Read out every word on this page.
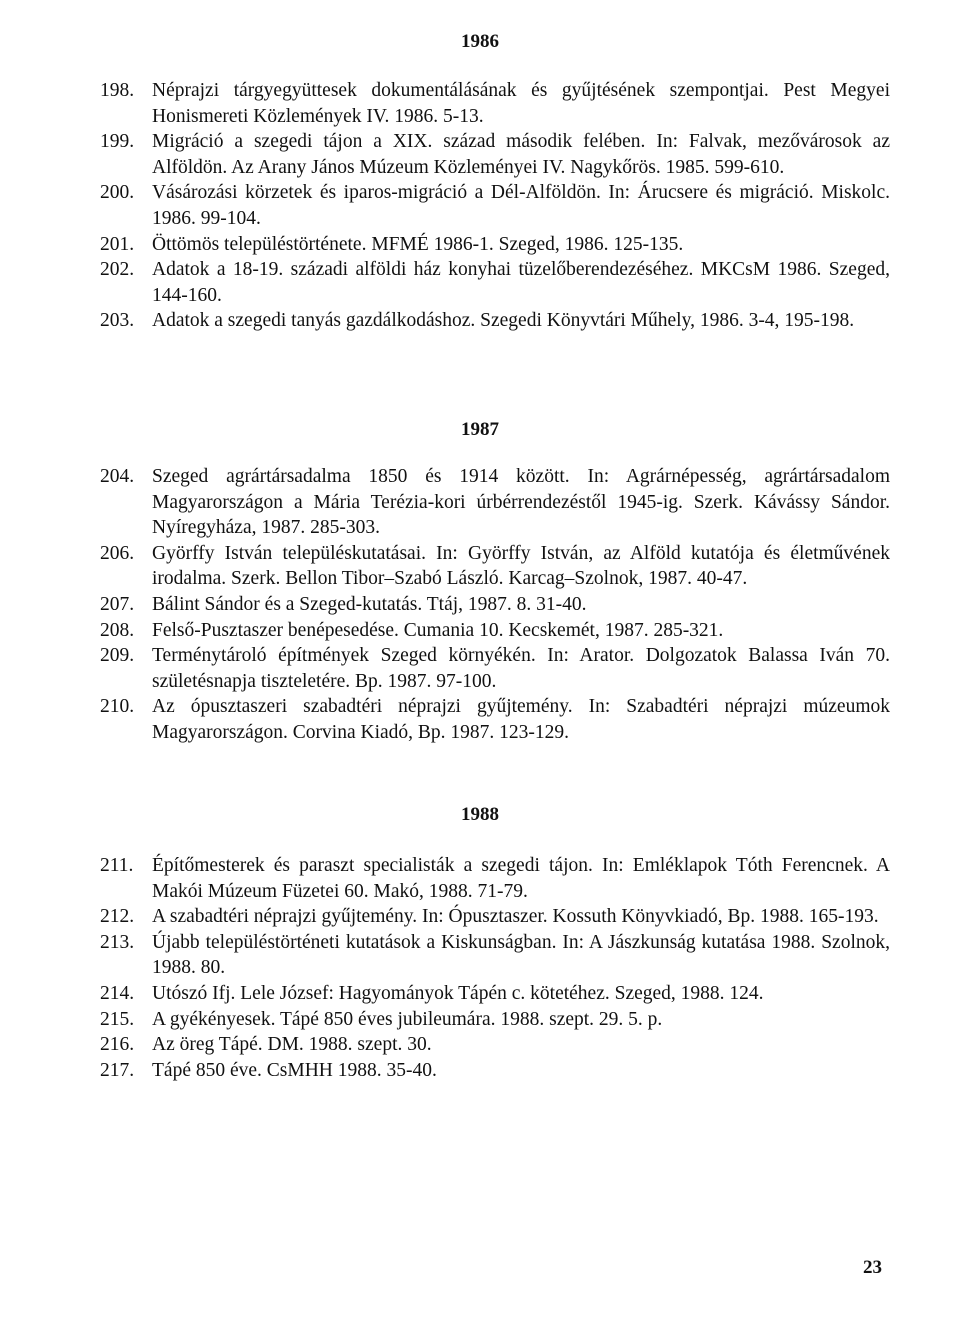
1986
198. Néprajzi tárgyegyüttesek dokumentálásának és gyűjtésének szempontjai. Pest Megyei Honismereti Közlemények IV. 1986. 5-13.
199. Migráció a szegedi tájon a XIX. század második felében. In: Falvak, mezővárosok az Alföldön. Az Arany János Múzeum Közleményei IV. Nagykőrös. 1985. 599-610.
200. Vásározási körzetek és iparos-migráció a Dél-Alföldön. In: Árucsere és migráció. Miskolc. 1986. 99-104.
201. Öttömös településtörténete. MFMÉ 1986-1. Szeged, 1986. 125-135.
202. Adatok a 18-19. századi alföldi ház konyhai tüzelőberendezéséhez. MKCsM 1986. Szeged, 144-160.
203. Adatok a szegedi tanyás gazdálkodáshoz. Szegedi Könyvtári Műhely, 1986. 3-4, 195-198.
1987
204. Szeged agrártársadalma 1850 és 1914 között. In: Agrárnépesség, agrártársadalom Magyarországon a Mária Terézia-kori úrbérrendezéstől 1945-ig. Szerk. Kávássy Sándor. Nyíregyháza, 1987. 285-303.
206. Györffy István településkutatásai. In: Györffy István, az Alföld kutatója és életművének irodalma. Szerk. Bellon Tibor–Szabó László. Karcag–Szolnok, 1987. 40-47.
207. Bálint Sándor és a Szeged-kutatás. Ttáj, 1987. 8. 31-40.
208. Felső-Pusztaszer benépesedése. Cumania 10. Kecskemét, 1987. 285-321.
209. Terménytároló építmények Szeged környékén. In: Arator. Dolgozatok Balassa Iván 70. születésnapja tiszteletére. Bp. 1987. 97-100.
210. Az ópusztaszeri szabadtéri néprajzi gyűjtemény. In: Szabadtéri néprajzi múzeumok Magyarországon. Corvina Kiadó, Bp. 1987. 123-129.
1988
211. Építőmesterek és paraszt specialisták a szegedi tájon. In: Emléklapok Tóth Ferencnek. A Makói Múzeum Füzetei 60. Makó, 1988. 71-79.
212. A szabadtéri néprajzi gyűjtemény. In: Ópusztaszer. Kossuth Könyvkiadó, Bp. 1988. 165-193.
213. Újabb településtörténeti kutatások a Kiskunságban. In: A Jászkunság kutatása 1988. Szolnok, 1988. 80.
214. Utószó Ifj. Lele József: Hagyományok Tápén c. kötetéhez. Szeged, 1988. 124.
215. A gyékényesek. Tápé 850 éves jubileumára. 1988. szept. 29. 5. p.
216. Az öreg Tápé. DM. 1988. szept. 30.
217. Tápé 850 éve. CsMHH 1988. 35-40.
23
